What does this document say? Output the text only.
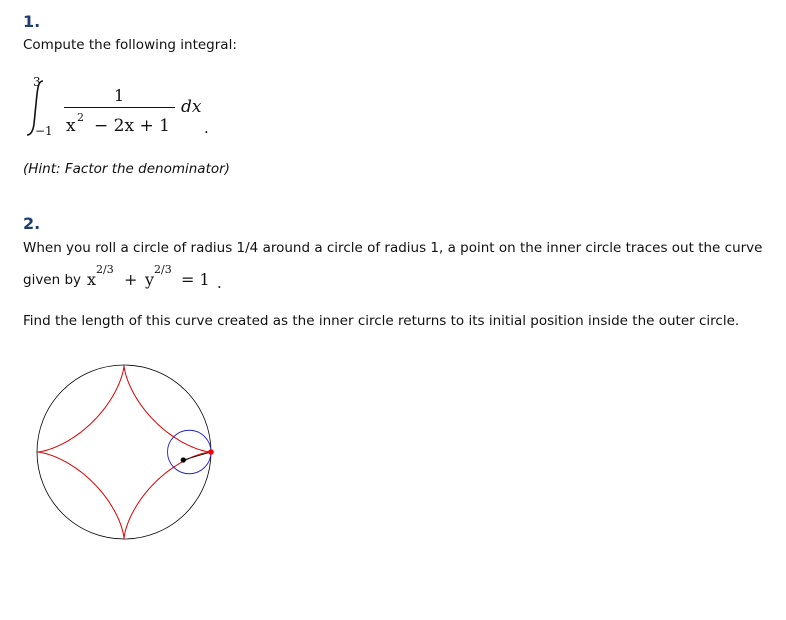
1.
Compute the following integral:
3
−1
1
x 2 − 2x + 1
dx
.
(Hint: Factor the denominator)
2.
When you roll a circle of radius 1/4 around a circle of radius 1, a point on the inner circle traces out the curve
given by x
2/3
+ y
2/3
= 1 .
Find the length of this curve created as the inner circle returns to its initial position inside the outer circle.
